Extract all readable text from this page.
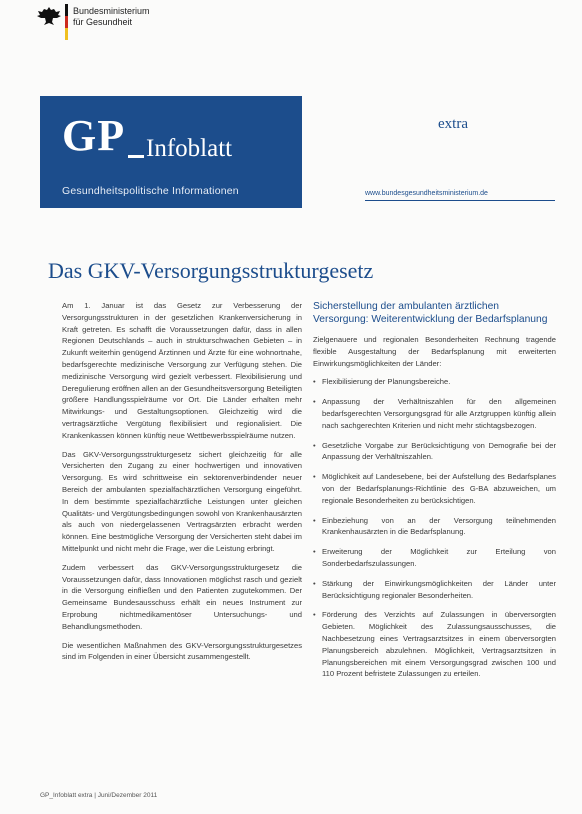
Bundesministerium
für Gesundheit
GP Infoblatt
Gesundheitspolitische Informationen
extra
www.bundesgesundheitsministerium.de
Das GKV-Versorgungsstrukturgesetz

Am 1. Januar ist das Gesetz zur Verbesserung der Versorgungsstrukturen in der gesetzlichen Krankenversicherung in Kraft getreten. Es schafft die Voraussetzungen dafür, dass in allen Regionen Deutschlands – auch in strukturschwachen Gebieten – in Zukunft weiterhin genügend Ärztinnen und Ärzte für eine wohnortnahe, bedarfsgerechte medizinische Versorgung zur Verfügung stehen. Die medizinische Versorgung wird gezielt verbessert. Flexibilisierung und Deregulierung eröffnen allen an der Gesundheitsversorgung Beteiligten größere Handlungsspielräume vor Ort. Die Länder erhalten mehr Mitwirkungs- und Gestaltungsoptionen. Gleichzeitig wird die vertragsärztliche Vergütung flexibilisiert und regionalisiert. Die Krankenkassen können künftig neue Wettbewerbsspielräume nutzen.

Das GKV-Versorgungsstrukturgesetz sichert gleichzeitig für alle Versicherten den Zugang zu einer hochwertigen und innovativen Versorgung. Es wird schrittweise ein sektorenverbindender neuer Bereich der ambulanten spezialfachärztlichen Versorgung eingeführt. In dem bestimmte spezialfachärztliche Leistungen unter gleichen Qualitäts- und Vergütungsbedingungen sowohl von Krankenhausärzten als auch von niedergelassenen Vertragsärzten erbracht werden können. Eine bestmögliche Versorgung der Versicherten steht dabei im Mittelpunkt und nicht mehr die Frage, wer die Leistung erbringt.

Zudem verbessert das GKV-Versorgungsstrukturgesetz die Voraussetzungen dafür, dass Innovationen möglichst rasch und gezielt in die Versorgung einfließen und den Patienten zugutekommen. Der Gemeinsame Bundesausschuss erhält ein neues Instrument zur Erprobung nichtmedikamentöser Untersuchungs- und Behandlungsmethoden.

Die wesentlichen Maßnahmen des GKV-Versorgungsstrukturgesetzes sind im Folgenden in einer Übersicht zusammengestellt.

Sicherstellung der ambulanten ärztlichen Versorgung: Weiterentwicklung der Bedarfsplanung

Zielgenauere und regionalen Besonderheiten Rechnung tragende flexible Ausgestaltung der Bedarfsplanung mit erweiterten Einwirkungsmöglichkeiten der Länder:

• Flexibilisierung der Planungsbereiche.
• Anpassung der Verhältniszahlen für den allgemeinen bedarfsgerechten Versorgungsgrad für alle Arztgruppen künftig allein nach sachgerechten Kriterien und nicht mehr stichtagsbezogen.
• Gesetzliche Vorgabe zur Berücksichtigung von Demografie bei der Anpassung der Verhältniszahlen.
• Möglichkeit auf Landesebene, bei der Aufstellung des Bedarfsplanes von der Bedarfsplanungs-Richtlinie des G-BA abzuweichen, um regionale Besonderheiten zu berücksichtigen.
• Einbeziehung von an der Versorgung teilnehmenden Krankenhausärzten in die Bedarfsplanung.
• Erweiterung der Möglichkeit zur Erteilung von Sonderbedarfszulassungen.
• Stärkung der Einwirkungsmöglichkeiten der Länder unter Berücksichtigung regionaler Besonderheiten.
• Förderung des Verzichts auf Zulassungen in überversorgten Gebieten. Möglichkeit des Zulassungsausschusses, die Nachbesetzung eines Vertragsarztsitzes in einem überversorgten Planungsbereich abzulehnen. Möglichkeit, Vertragsarztsitzen in Planungsbereichen mit einem Versorgungsgrad zwischen 100 und 110 Prozent befristete Zulassungen zu erteilen.
GP_Infoblatt extra | Juni/Dezember 2011
